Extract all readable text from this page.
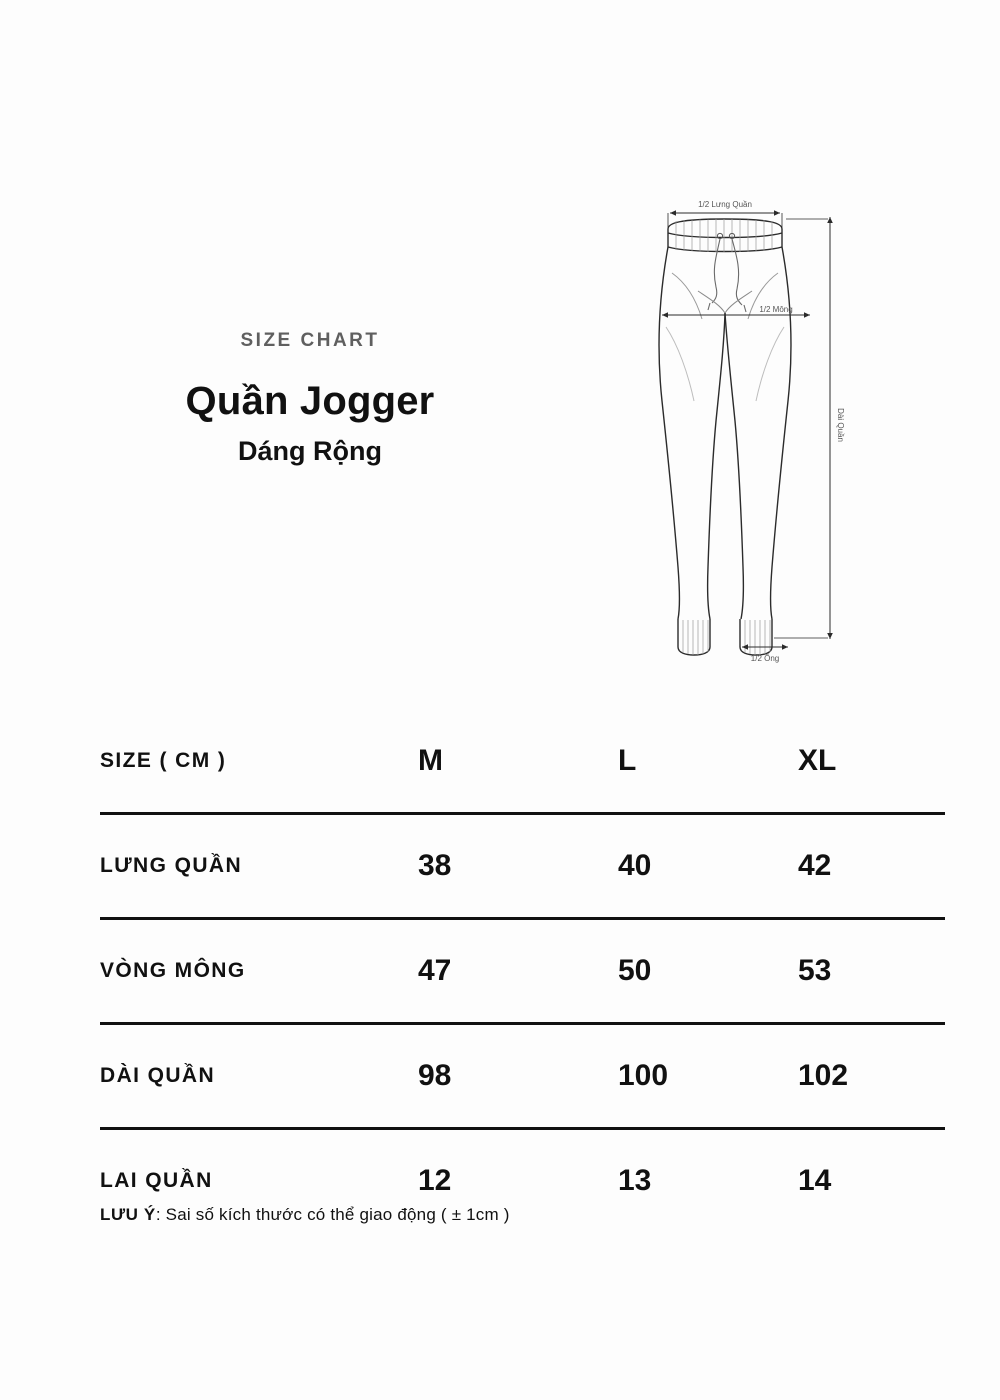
SIZE CHART
Quần Jogger
Dáng Rộng
1/2 Lưng Quần
1/2 Mông
Dài Quần
1/2 Ống
SIZE ( CM )	M	L	XL
LƯNG QUẦN	38	40	42
VÒNG MÔNG	47	50	53
DÀI QUẦN	98	100	102
LAI QUẦN	12	13	14
LƯU Ý: Sai số kích thước có thể giao động ( ± 1cm )
